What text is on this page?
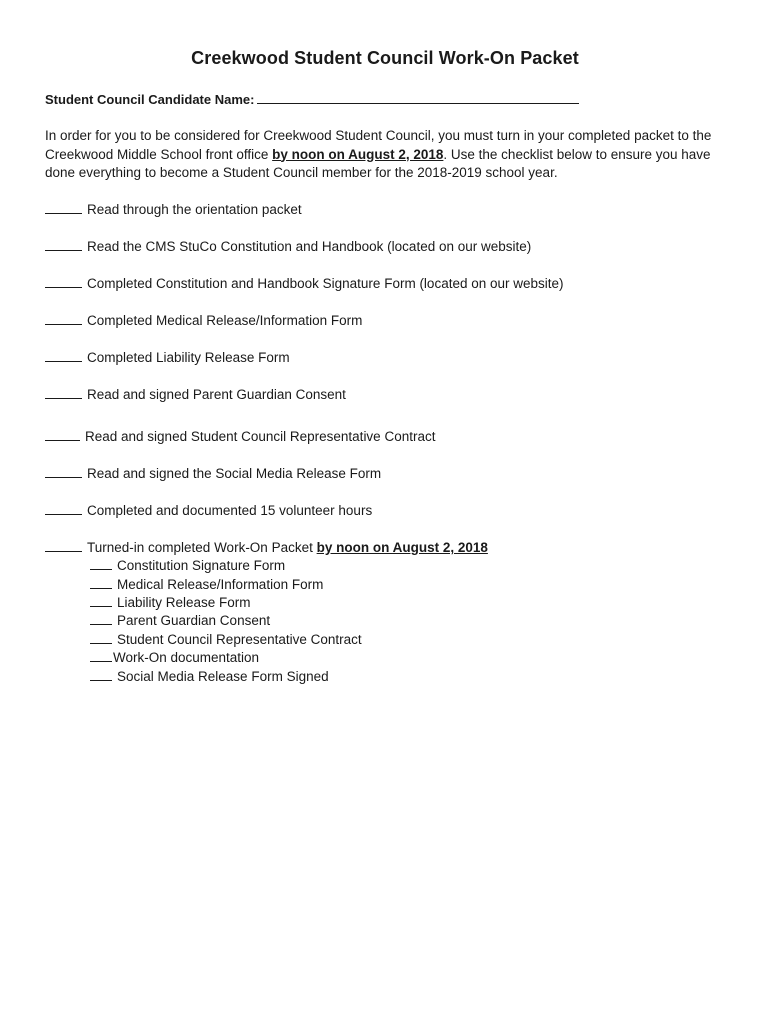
Creekwood Student Council Work-On Packet
Student Council Candidate Name:
In order for you to be considered for Creekwood Student Council, you must turn in your completed packet to the Creekwood Middle School front office by noon on August 2, 2018. Use the checklist below to ensure you have done everything to become a Student Council member for the 2018-2019 school year.
Read through the orientation packet
Read the CMS StuCo Constitution and Handbook (located on our website)
Completed Constitution and Handbook Signature Form (located on our website)
Completed Medical Release/Information Form
Completed Liability Release Form
Read and signed Parent Guardian Consent
Read and signed Student Council Representative Contract
Read and signed the Social Media Release Form
Completed and documented 15 volunteer hours
Turned-in completed Work-On Packet by noon on August 2, 2018
Constitution Signature Form
Medical Release/Information Form
Liability Release Form
Parent Guardian Consent
Student Council Representative Contract
Work-On documentation
Social Media Release Form Signed
